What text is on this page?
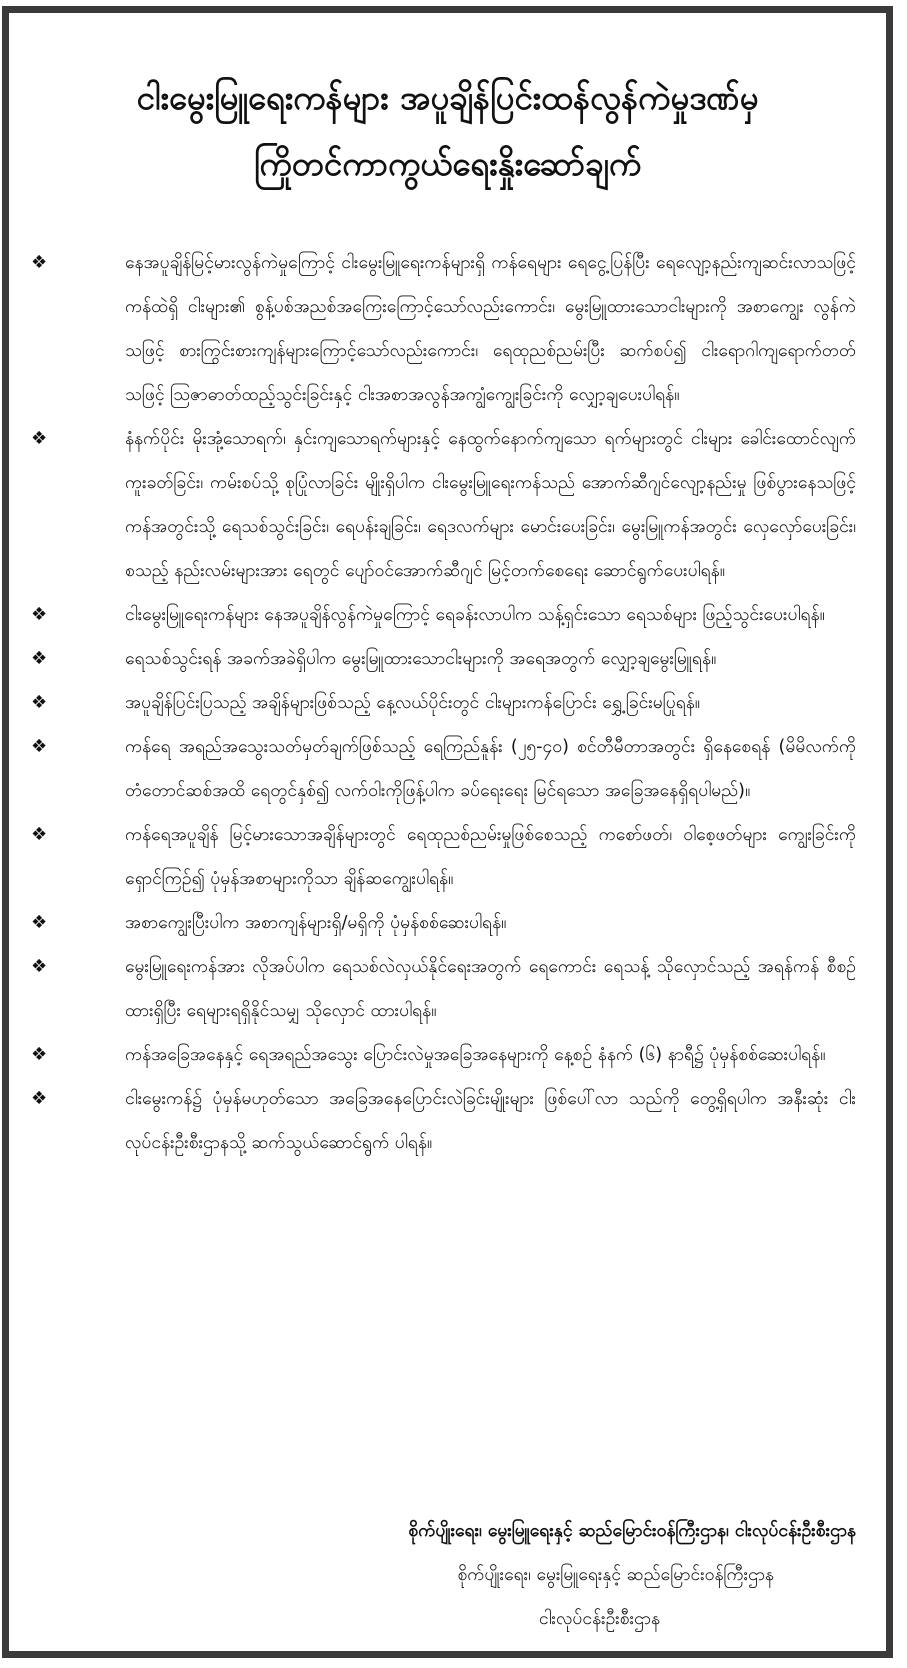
ငါးမွေးမြူရေးကန်များ အပူချိန်ပြင်းထန်လွန်ကဲမှုဒဏ်မှ
ကြိုတင်ကာကွယ်ရေးနှိုးဆော်ချက်
❖	နေအပူချိန်မြင့်မားလွန်ကဲမှုကြောင့် ငါးမွေးမြူရေးကန်များရှိ ကန်ရေများ ရေငွေ့ပြန်ပြီး ရေလျော့နည်းကျဆင်းလာသဖြင့် ကန်ထဲရှိ ငါးများ၏ စွန့်ပစ်အညစ်အကြေးကြောင့်သော်လည်းကောင်း၊ မွေးမြူထားသောငါးများကို အစာကျွေး လွန်ကဲသဖြင့် စားကြွင်းစားကျန်များကြောင့်သော်လည်းကောင်း၊ ရေထုညစ်ညမ်းပြီး ဆက်စပ်၍ ငါးရောဂါကျရောက်တတ်သဖြင့် သြဇာဓာတ်ထည့်သွင်းခြင်းနှင့် ငါးအစာအလွန်အကျွံကျွေးခြင်းကို လျှော့ချပေးပါရန်။
❖	နံနက်ပိုင်း မိုးအုံ့သောရက်၊ နှင်းကျသောရက်များနှင့် နေထွက်နောက်ကျသော ရက်များတွင် ငါးများ ခေါင်းထောင်လျက် ကူးခတ်ခြင်း၊ ကမ်းစပ်သို့ စုပြုံလာခြင်း မျိုးရှိပါက ငါးမွေးမြူရေးကန်သည် အောက်ဆီဂျင်လျော့နည်းမှု ဖြစ်ပွားနေသဖြင့် ကန်အတွင်းသို့ ရေသစ်သွင်းခြင်း၊ ရေပန်းချခြင်း၊ ရေဒလက်များ မောင်းပေးခြင်း၊ မွေးမြူကန်အတွင်း လှေလှော်ပေးခြင်း၊ စသည့် နည်းလမ်းများအား ရေတွင် ပျော်ဝင်အောက်ဆီဂျင် မြင့်တက်စေရေး ဆောင်ရွက်ပေးပါရန်။
❖	ငါးမွေးမြူရေးကန်များ နေအပူချိန်လွန်ကဲမှုကြောင့် ရေခန်းလာပါက သန့်ရှင်းသော ရေသစ်များ ဖြည့်သွင်းပေးပါရန်။
❖	ရေသစ်သွင်းရန် အခက်အခဲရှိပါက မွေးမြူထားသောငါးများကို အရေအတွက် လျှော့ချမွေးမြူရန်။
❖	အပူချိန်ပြင်းပြသည့် အချိန်များဖြစ်သည့် နေ့လယ်ပိုင်းတွင် ငါးများကန်ပြောင်း ရွှေ့ခြင်းမပြုရန်။
❖	ကန်ရေ အရည်အသွေးသတ်မှတ်ချက်ဖြစ်သည့် ရေကြည်နူန်း (၂၅-၄၀) စင်တီမီတာအတွင်း ရှိနေစေရန် (မိမိလက်ကို တံတောင်ဆစ်အထိ ရေတွင်နှစ်၍ လက်ဝါးကိုဖြန့်ပါက ခပ်ရေးရေး မြင်ရသော အခြေအနေရှိရပါမည်)။
❖	ကန်ရေအပူချိန် မြင့်မားသောအချိန်များတွင် ရေထုညစ်ညမ်းမှုဖြစ်စေသည့် ကစော်ဖတ်၊ ဝါစေ့ဖတ်များ ကျွေးခြင်းကို ရှောင်ကြဉ်၍ ပုံမှန်အစာများကိုသာ ချိန်ဆကျွေးပါရန်။
❖	အစာကျွေးပြီးပါက အစာကျန်များရှိ/မရှိကို ပုံမှန်စစ်ဆေးပါရန်။
❖	မွေးမြူရေးကန်အား လိုအပ်ပါက ရေသစ်လဲလှယ်နိုင်ရေးအတွက် ရေကောင်း ရေသန့် သိုလှောင်သည့် အရန်ကန် စီစဉ်ထားရှိပြီး ရေများရရှိနိုင်သမျှ သိုလှောင် ထားပါရန်။
❖	ကန်အခြေအနေနှင့် ရေအရည်အသွေး ပြောင်းလဲမှုအခြေအနေများကို နေ့စဉ် နံနက် (၆) နာရီ၌ ပုံမှန်စစ်ဆေးပါရန်။
❖	ငါးမွေးကန်၌ ပုံမှန်မဟုတ်သော အခြေအနေပြောင်းလဲခြင်းမျိုးများ ဖြစ်ပေါ်လာ သည်ကို တွေ့ရှိရပါက အနီးဆုံး ငါးလုပ်ငန်းဦးစီးဌာနသို့ ဆက်သွယ်ဆောင်ရွက် ပါရန်။
စိုက်ပျိုးရေး၊ မွေးမြူရေးနှင့် ဆည်မြောင်းဝန်ကြီးဌာန၊ ငါးလုပ်ငန်းဦးစီးဌာန
စိုက်ပျိုးရေး၊ မွေးမြူရေးနှင့် ဆည်မြောင်းဝန်ကြီးဌာန
ငါးလုပ်ငန်းဦးစီးဌာန
